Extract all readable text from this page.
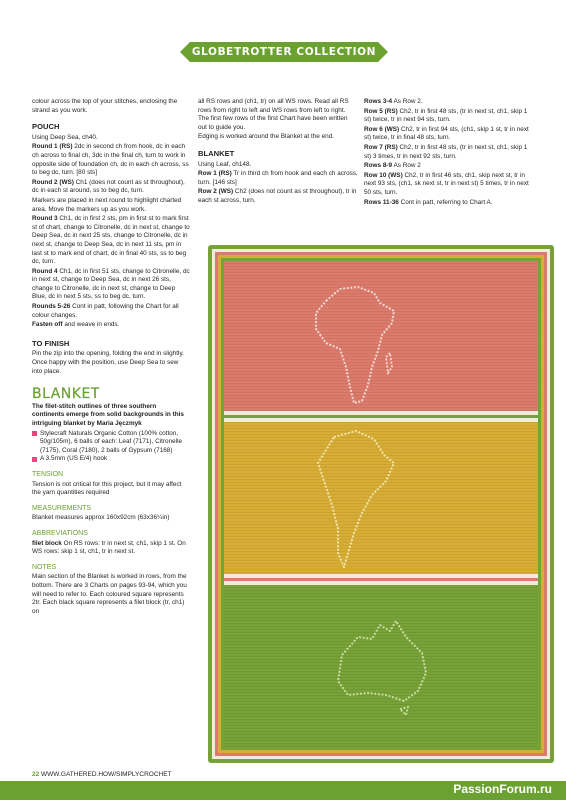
GLOBETROTTER COLLECTION

colour across the top of your stitches, enclosing the strand as you work.

POUCH

Using Deep Sea, ch40.

Round 1 (RS) 2dc in second ch from hook, dc in each ch across to final ch, 3dc in the final ch, turn to work in opposite side of foundation ch, dc in each ch across, ss to beg dc, turn. [80 sts]

Round 2 (WS) Ch1 (does not count as st throughout), dc in each st around, ss to beg dc, turn.

Markers are placed in next round to highlight charted area. Move the markers up as you work.

Round 3 Ch1, dc in first 2 sts, pm in first st to mark first st of chart, change to Citronelle, dc in next st, change to Deep Sea, dc in next 25 sts, change to Citronelle, dc in next st, change to Deep Sea, dc in next 11 sts, pm in last st to mark end of chart, dc in final 40 sts, ss to beg dc, turn.

Round 4 Ch1, dc in first 51 sts, change to Citronelle, dc in next st, change to Deep Sea, dc in next 26 sts, change to Citronelle, dc in next st, change to Deep Blue, dc in next 5 sts, ss to beg dc, turn.

Rounds 5-26 Cont in patt, following the Chart for all colour changes.

Fasten off and weave in ends.

TO FINISH

Pin the zip into the opening, folding the end in slightly. Once happy with the position, use Deep Sea to sew into place.

BLANKET

The filet-stitch outlines of three southern continents emerge from solid backgrounds in this intriguing blanket by Maria Jęczmyk

Stylecraft Naturals Organic Cotton (100% cotton, 50g/105m), 6 balls of each: Leaf (7171), Citronelle (7175), Coral (7180), 2 balls of Gypsum (7168)
A 3.5mm (US E/4) hook
TENSION

Tension is not critical for this project, but it may affect the yarn quantities required

MEASUREMENTS

Blanket measures approx 160x92cm (63x36¼in)

ABBREVIATIONS

filet block On RS rows: tr in next st, ch1, skip 1 st. On WS rows: skip 1 st, ch1, tr in next st.

NOTES

Main section of the Blanket is worked in rows, from the bottom. There are 3 Charts on pages 93-94, which you will need to refer to. Each coloured square represents 2tr. Each black square represents a filet block (tr, ch1) on

all RS rows and (ch1, tr) on all WS rows. Read all RS rows from right to left and WS rows from left to right. The first few rows of the first Chart have been written out to guide you.

Edging is worked around the Blanket at the end.

BLANKET

Using Leaf, ch148.

Row 1 (RS) Tr in third ch from hook and each ch across, turn. [146 sts]

Row 2 (WS) Ch2 (does not count as st throughout), tr in each st across, turn.

Rows 3-4 As Row 2.

Row 5 (RS) Ch2, tr in first 48 sts, (tr in next st, ch1, skip 1 st) twice, tr in next 94 sts, turn.

Row 6 (WS) Ch2, tr in first 94 sts, (ch1, skip 1 st, tr in next st) twice, tr in final 48 sts, turn.

Row 7 (RS) Ch2, tr in first 48 sts, (tr in next st, ch1, skip 1 st) 3 times, tr in next 92 sts, turn.

Rows 8-9 As Row 2

Row 10 (WS) Ch2, tr in first 46 sts, ch1, skip next st, tr in next 93 sts, (ch1, sk next st, tr in next st) 5 times, tr in next 50 sts, turn.

Rows 11-36 Cont in patt, referring to Chart A.

22 WWW.GATHERED.HOW/SIMPLYCROCHET
PassionForum.ru
